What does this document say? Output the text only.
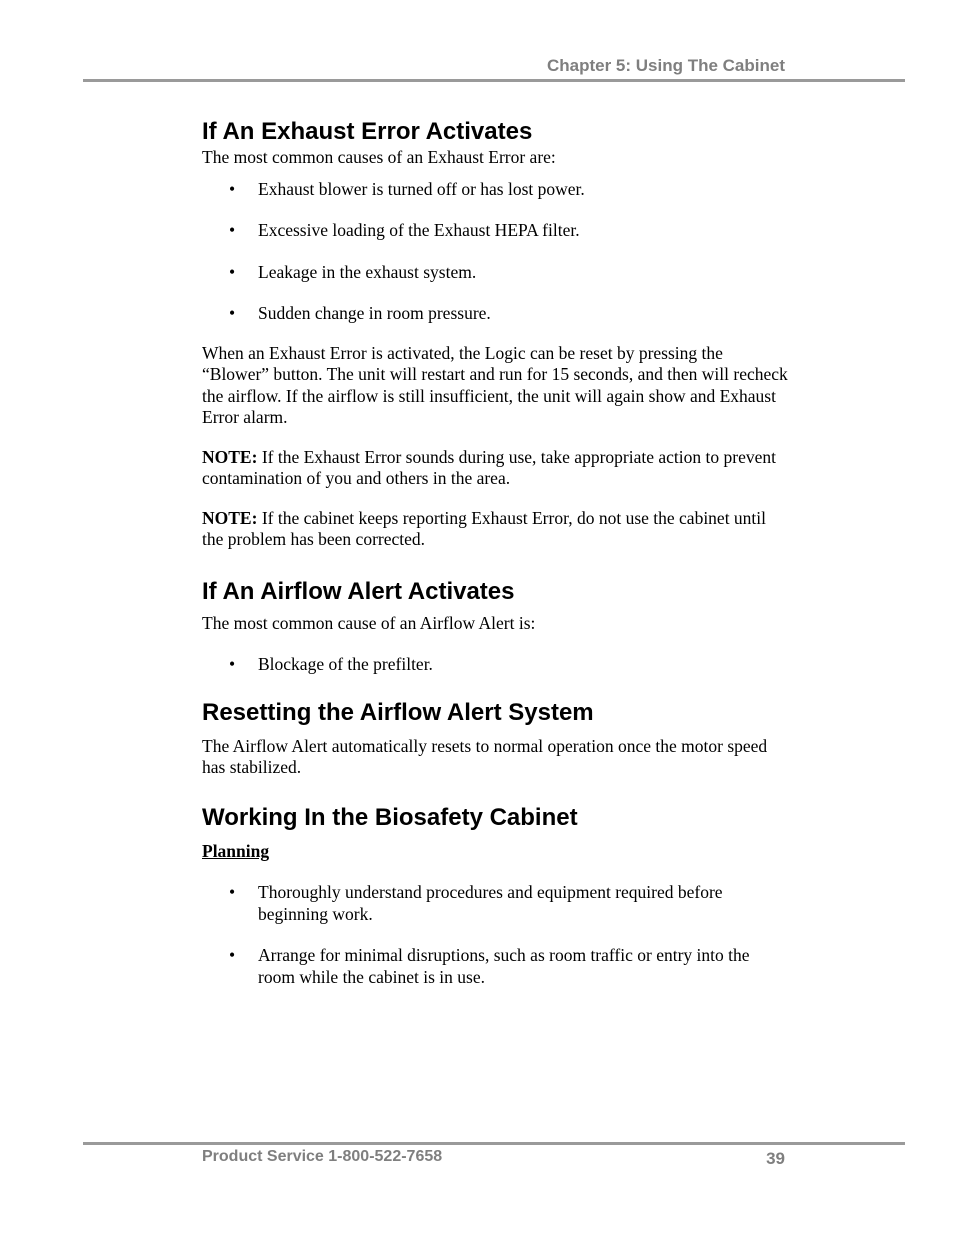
Chapter 5: Using The Cabinet
If An Exhaust Error Activates

The most common causes of an Exhaust Error are:

• Exhaust blower is turned off or has lost power.
• Excessive loading of the Exhaust HEPA filter.
• Leakage in the exhaust system.
• Sudden change in room pressure.

When an Exhaust Error is activated, the Logic can be reset by pressing the “Blower” button. The unit will restart and run for 15 seconds, and then will recheck the airflow. If the airflow is still insufficient, the unit will again show and Exhaust Error alarm.

NOTE: If the Exhaust Error sounds during use, take appropriate action to prevent contamination of you and others in the area.

NOTE: If the cabinet keeps reporting Exhaust Error, do not use the cabinet until the problem has been corrected.

If An Airflow Alert Activates

The most common cause of an Airflow Alert is:

• Blockage of the prefilter.
Resetting the Airflow Alert System

The Airflow Alert automatically resets to normal operation once the motor speed has stabilized.

Working In the Biosafety Cabinet

Planning

• Thoroughly understand procedures and equipment required before beginning work.
• Arrange for minimal disruptions, such as room traffic or entry into the room while the cabinet is in use.
Product Service 1-800-522-7658	39
